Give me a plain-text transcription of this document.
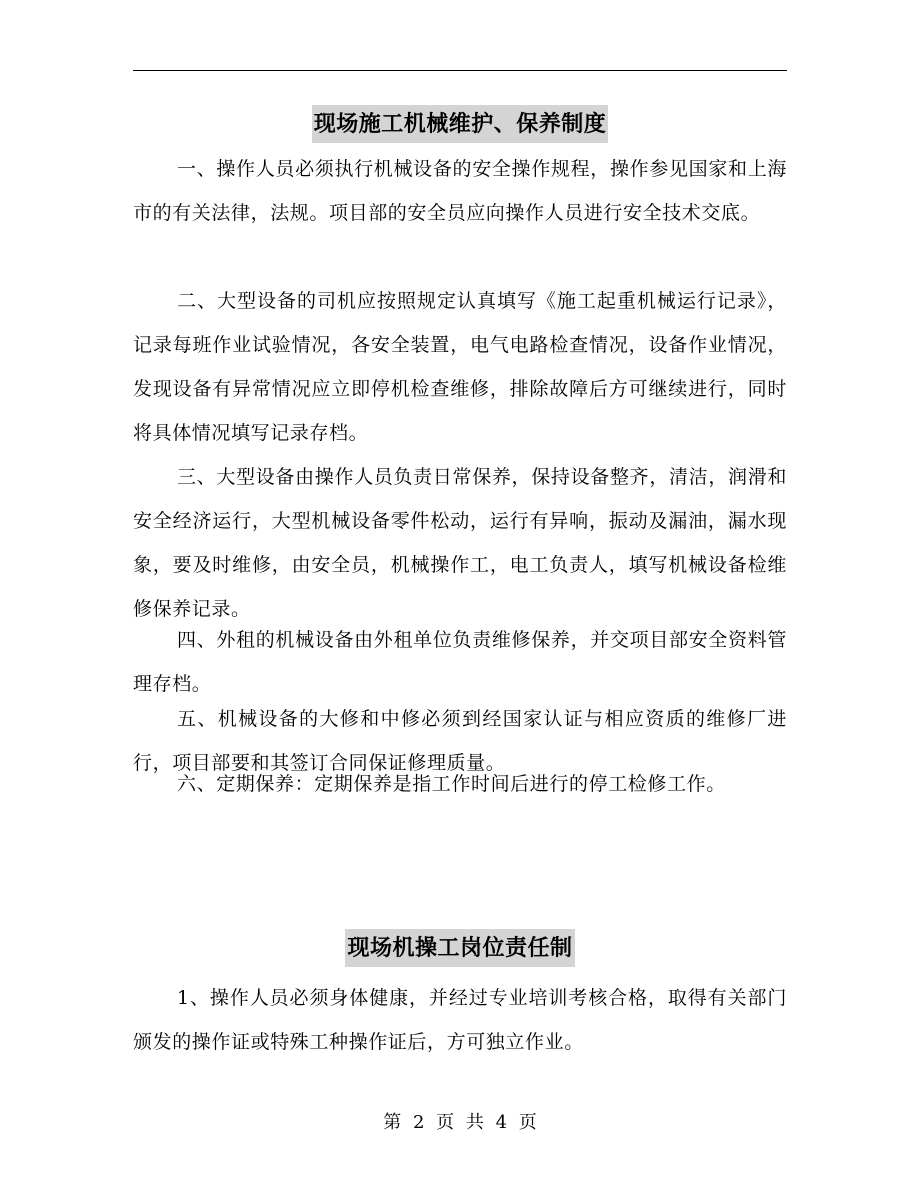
现场施工机械维护、保养制度

一、操作人员必须执行机械设备的安全操作规程，操作参见国家和上海市的有关法律，法规。项目部的安全员应向操作人员进行安全技术交底。

二、大型设备的司机应按照规定认真填写《施工起重机械运行记录》，记录每班作业试验情况，各安全装置，电气电路检查情况，设备作业情况，发现设备有异常情况应立即停机检查维修，排除故障后方可继续进行，同时将具体情况填写记录存档。

三、大型设备由操作人员负责日常保养，保持设备整齐，清洁，润滑和安全经济运行，大型机械设备零件松动，运行有异响，振动及漏油，漏水现象，要及时维修，由安全员，机械操作工，电工负责人，填写机械设备检维修保养记录。

四、外租的机械设备由外租单位负责维修保养，并交项目部安全资料管理存档。

五、机械设备的大修和中修必须到经国家认证与相应资质的维修厂进行，项目部要和其签订合同保证修理质量。

六、定期保养：定期保养是指工作时间后进行的停工检修工作。

现场机操工岗位责任制

1、操作人员必须身体健康，并经过专业培训考核合格，取得有关部门颁发的操作证或特殊工种操作证后，方可独立作业。

第 2 页 共 4 页
